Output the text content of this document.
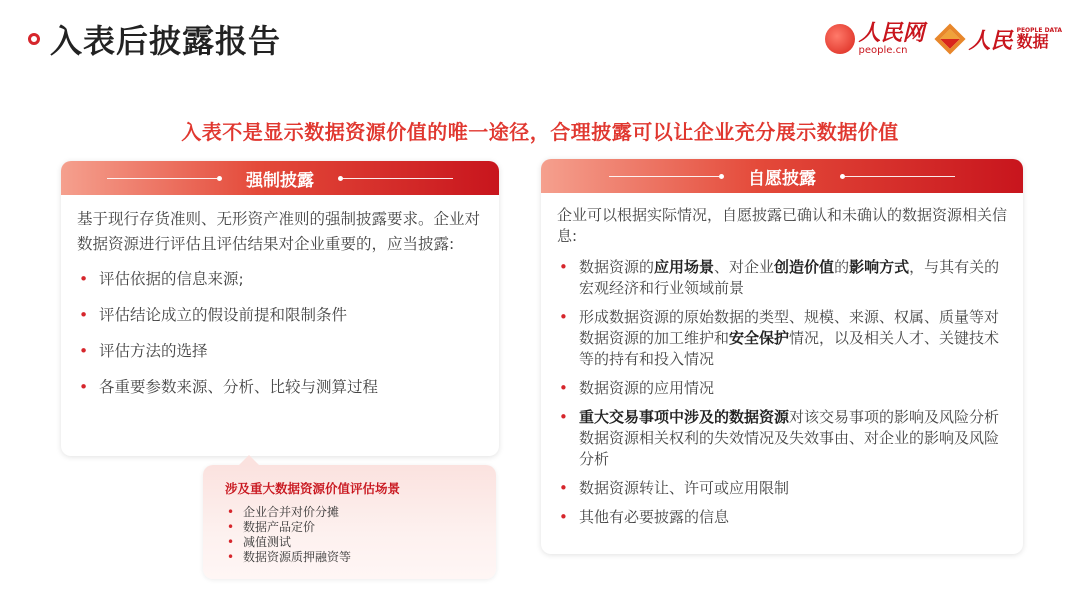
入表后披露报告	人民网
people.cn	人民 PEOPLE DATA
数据
入表不是显示数据资源价值的唯一途径，合理披露可以让企业充分展示数据价值
强制披露

基于现行存货准则、无形资产准则的强制披露要求。企业对数据资源进行评估且评估结果对企业重要的，应当披露:

• 评估依据的信息来源;
• 评估结论成立的假设前提和限制条件
• 评估方法的选择
• 各重要参数来源、分析、比较与测算过程
涉及重大数据资源价值评估场景
• 企业合并对价分摊
• 数据产品定价
• 减值测试
• 数据资源质押融资等
自愿披露

企业可以根据实际情况，自愿披露已确认和未确认的数据资源相关信息:

• 数据资源的应用场景、对企业创造价值的影响方式，与其有关的宏观经济和行业领域前景
• 形成数据资源的原始数据的类型、规模、来源、权属、质量等对数据资源的加工维护和安全保护情况，以及相关人才、关键技术等的持有和投入情况
• 数据资源的应用情况
• 重大交易事项中涉及的数据资源对该交易事项的影响及风险分析数据资源相关权利的失效情况及失效事由、对企业的影响及风险分析
• 数据资源转让、许可或应用限制
• 其他有必要披露的信息
